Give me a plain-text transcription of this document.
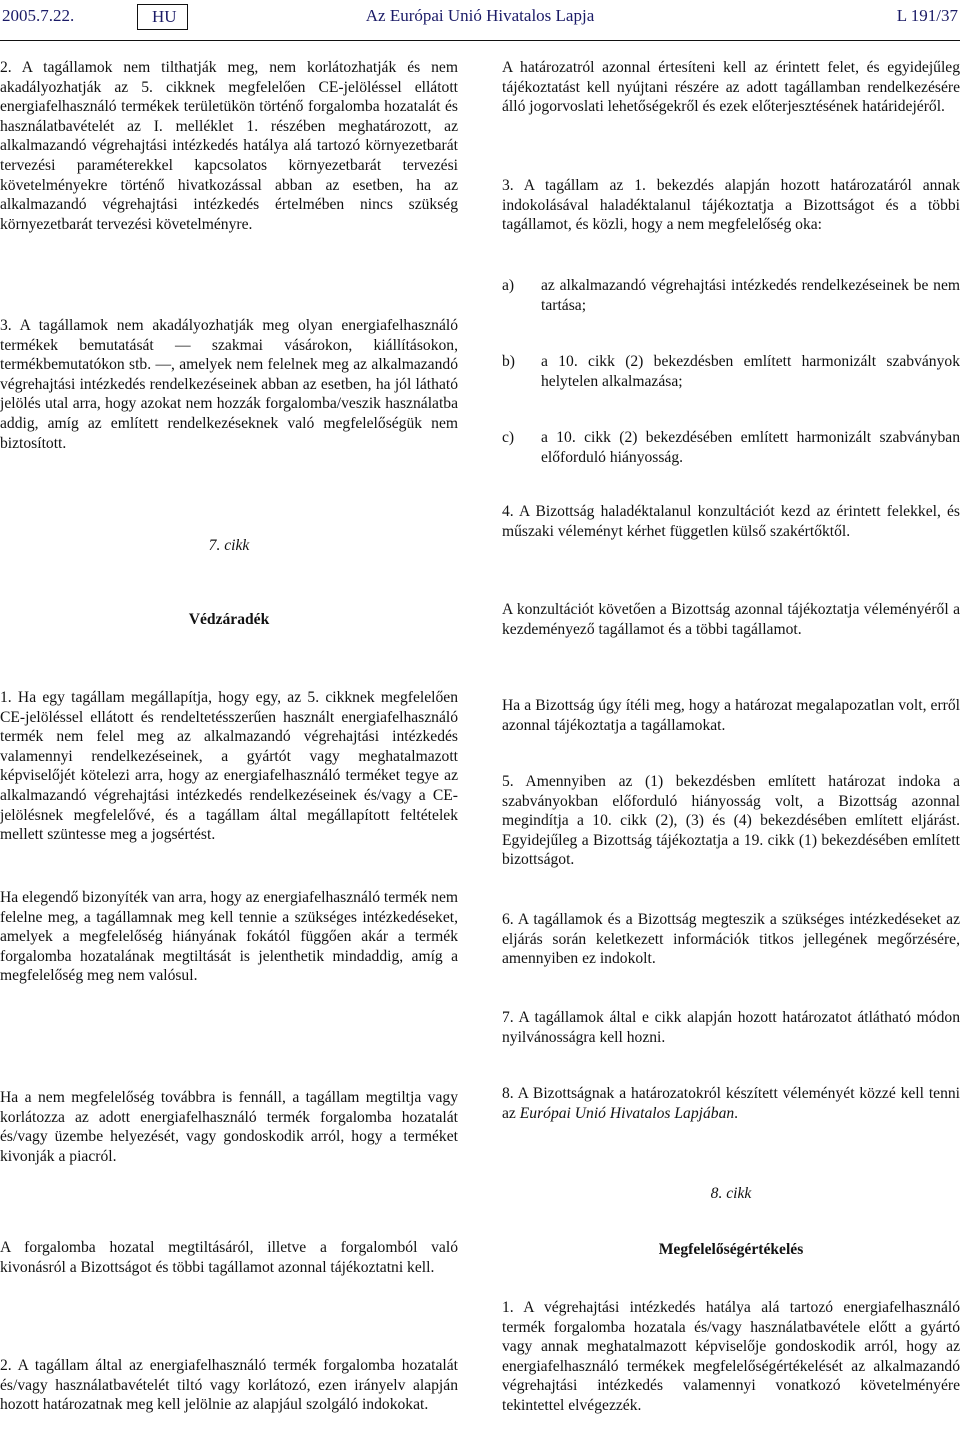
2005.7.22.	HU	Az Európai Unió Hivatalos Lapja	L 191/37

2. A tagállamok nem tilthatják meg, nem korlátozhatják és nem akadályozhatják az 5. cikknek megfelelően CE-jelöléssel ellátott energiafelhasználó termékek területükön történő forgalomba hozatalát és használatbavételét az I. melléklet 1. részében meghatározott, az alkalmazandó végrehajtási intézkedés hatálya alá tartozó környezetbarát tervezési paraméterekkel kapcsolatos környezetbarát tervezési követelményekre történő hivatkozással abban az esetben, ha az alkalmazandó végrehajtási intézkedés értelmében nincs szükség környezetbarát tervezési követelményre.

3. A tagállamok nem akadályozhatják meg olyan energiafelhasználó termékek bemutatását — szakmai vásárokon, kiállításokon, termékbemutatókon stb. —, amelyek nem felelnek meg az alkalmazandó végrehajtási intézkedés rendelkezéseinek abban az esetben, ha jól látható jelölés utal arra, hogy azokat nem hozzák forgalomba/veszik használatba addig, amíg az említett rendelkezéseknek való megfelelőségük nem biztosított.

7. cikk

Védzáradék

1. Ha egy tagállam megállapítja, hogy egy, az 5. cikknek megfelelően CE-jelöléssel ellátott és rendeltetésszerűen használt energiafelhasználó termék nem felel meg az alkalmazandó végrehajtási intézkedés valamennyi rendelkezéseinek, a gyártót vagy meghatalmazott képviselőjét kötelezi arra, hogy az energiafelhasználó terméket tegye az alkalmazandó végrehajtási intézkedés rendelkezéseinek és/vagy a CE-jelölésnek megfelelővé, és a tagállam által megállapított feltételek mellett szüntesse meg a jogsértést.

Ha elegendő bizonyíték van arra, hogy az energiafelhasználó termék nem felelne meg, a tagállamnak meg kell tennie a szükséges intézkedéseket, amelyek a megfelelőség hiányának fokától függően akár a termék forgalomba hozatalának megtiltását is jelenthetik mindaddig, amíg a megfelelőség meg nem valósul.

Ha a nem megfelelőség továbbra is fennáll, a tagállam megtiltja vagy korlátozza az adott energiafelhasználó termék forgalomba hozatalát és/vagy üzembe helyezését, vagy gondoskodik arról, hogy a terméket kivonják a piacról.

A forgalomba hozatal megtiltásáról, illetve a forgalomból való kivonásról a Bizottságot és többi tagállamot azonnal tájékoztatni kell.

2. A tagállam által az energiafelhasználó termék forgalomba hozatalát és/vagy használatbavételét tiltó vagy korlátozó, ezen irányelv alapján hozott határozatnak meg kell jelölnie az alapjául szolgáló indokokat.

A határozatról azonnal értesíteni kell az érintett felet, és egyidejűleg tájékoztatást kell nyújtani részére az adott tagállamban rendelkezésére álló jogorvoslati lehetőségekről és ezek előterjesztésének határidejéről.

3. A tagállam az 1. bekezdés alapján hozott határozatáról annak indokolásával haladéktalanul tájékoztatja a Bizottságot és a többi tagállamot, és közli, hogy a nem megfelelőség oka:

a) az alkalmazandó végrehajtási intézkedés rendelkezéseinek be nem tartása;
b) a 10. cikk (2) bekezdésben említett harmonizált szabványok helytelen alkalmazása;
c) a 10. cikk (2) bekezdésében említett harmonizált szabványban előforduló hiányosság.

4. A Bizottság haladéktalanul konzultációt kezd az érintett felekkel, és műszaki véleményt kérhet független külső szakértőktől.

A konzultációt követően a Bizottság azonnal tájékoztatja véleményéről a kezdeményező tagállamot és a többi tagállamot.

Ha a Bizottság úgy ítéli meg, hogy a határozat megalapozatlan volt, erről azonnal tájékoztatja a tagállamokat.

5. Amennyiben az (1) bekezdésben említett határozat indoka a szabványokban előforduló hiányosság volt, a Bizottság azonnal megindítja a 10. cikk (2), (3) és (4) bekezdésében említett eljárást. Egyidejűleg a Bizottság tájékoztatja a 19. cikk (1) bekezdésében említett bizottságot.

6. A tagállamok és a Bizottság megteszik a szükséges intézkedéseket az eljárás során keletkezett információk titkos jellegének megőrzésére, amennyiben ez indokolt.

7. A tagállamok által e cikk alapján hozott határozatot átlátható módon nyilvánosságra kell hozni.

8. A Bizottságnak a határozatokról készített véleményét közzé kell tenni az Európai Unió Hivatalos Lapjában.

8. cikk

Megfelelőségértékelés

1. A végrehajtási intézkedés hatálya alá tartozó energiafelhasználó termék forgalomba hozatala és/vagy használatbavétele előtt a gyártó vagy annak meghatalmazott képviselője gondoskodik arról, hogy az energiafelhasználó termékek megfelelőségértékelését az alkalmazandó végrehajtási intézkedés valamennyi vonatkozó követelményére tekintettel elvégezzék.
